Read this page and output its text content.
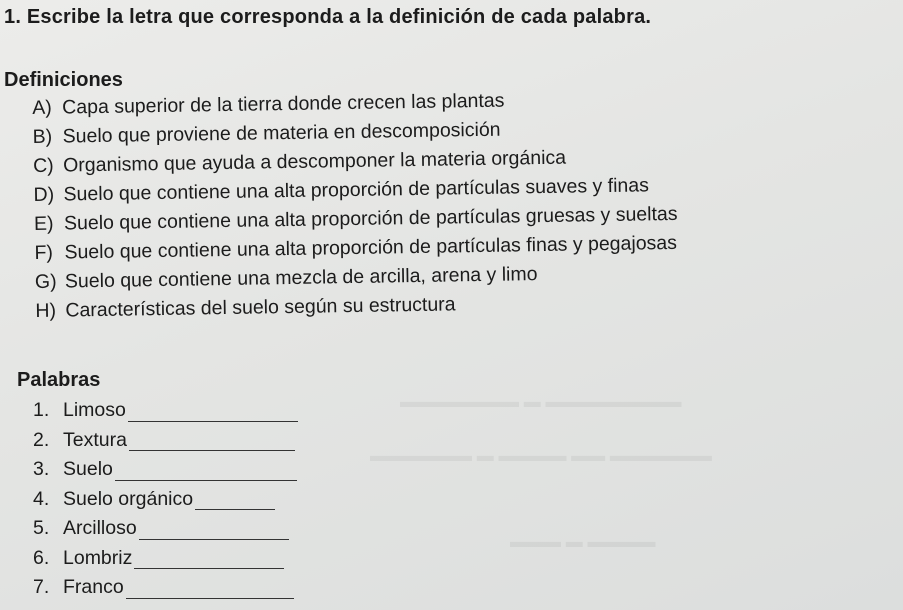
▬▬▬▬▬▬▬ ▬ ▬▬▬▬▬▬▬▬
▬▬▬▬▬▬ ▬ ▬▬▬▬ ▬▬ ▬▬▬▬▬▬
▬▬▬ ▬ ▬▬▬▬
1. Escribe la letra que corresponda a la definición de cada palabra.
Definiciones
A) Capa superior de la tierra donde crecen las plantas
B) Suelo que proviene de materia en descomposición
C) Organismo que ayuda a descomponer la materia orgánica
D) Suelo que contiene una alta proporción de partículas suaves y finas
E) Suelo que contiene una alta proporción de partículas gruesas y sueltas
F) Suelo que contiene una alta proporción de partículas finas y pegajosas
G) Suelo que contiene una mezcla de arcilla, arena y limo
H) Características del suelo según su estructura
Palabras
1. Limoso
2. Textura
3. Suelo
4. Suelo orgánico
5. Arcilloso
6. Lombriz
7. Franco
